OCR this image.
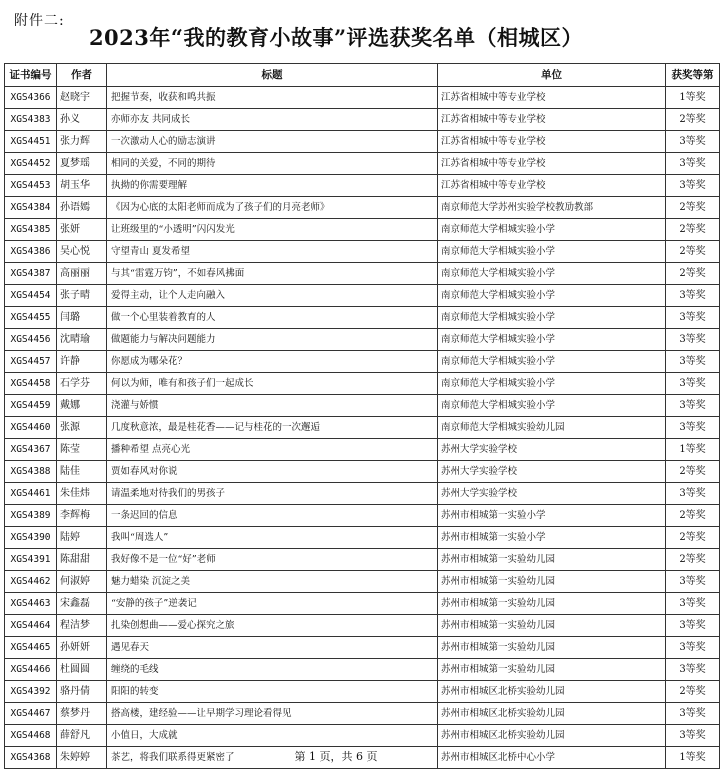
附件二:
2023年“我的教育小故事”评选获奖名单（相城区）
证书编号	作者	标题	单位	获奖等第
XGS4366	赵晓宇	把握节奏，收获和鸣共振	江苏省相城中等专业学校	1等奖
XGS4383	孙义	亦师亦友 共同成长	江苏省相城中等专业学校	2等奖
XGS4451	张力辉	一次激动人心的励志演讲	江苏省相城中等专业学校	3等奖
XGS4452	夏梦瑶	相同的关爱，不同的期待	江苏省相城中等专业学校	3等奖
XGS4453	胡玉华	执拗的你需要理解	江苏省相城中等专业学校	3等奖
XGS4384	孙语嫣	《因为心底的太阳老师而成为了孩子们的月亮老师》	南京师范大学苏州实验学校教劢教部	2等奖
XGS4385	张妍	让班级里的“小透明”闪闪发光	南京师范大学相城实验小学	2等奖
XGS4386	吴心悦	守望青山 夏发希望	南京师范大学相城实验小学	2等奖
XGS4387	高丽丽	与其“雷霆万钧”，不如春风拂面	南京师范大学相城实验小学	2等奖
XGS4454	张子晴	爱得主动，让个人走向融入	南京师范大学相城实验小学	3等奖
XGS4455	闫璐	做一个心里装着教育的人	南京师范大学相城实验小学	3等奖
XGS4456	沈晴瑜	做题能力与解决问题能力	南京师范大学相城实验小学	3等奖
XGS4457	许静	你愿成为哪朵花？	南京师范大学相城实验小学	3等奖
XGS4458	石学芬	何以为师，唯有和孩子们一起成长	南京师范大学相城实验小学	3等奖
XGS4459	戴娜	浇灌与娇惯	南京师范大学相城实验小学	3等奖
XGS4460	张源	几度秋意浓，最是桂花香——记与桂花的一次邂逅	南京师范大学相城实验幼儿园	3等奖
XGS4367	陈莹	播种希望 点亮心光	苏州大学实验学校	1等奖
XGS4388	陆佳	贾如春风对你说	苏州大学实验学校	2等奖
XGS4461	朱佳炜	请温柔地对待我们的男孩子	苏州大学实验学校	3等奖
XGS4389	李辉梅	一条迟回的信息	苏州市相城第一实验小学	2等奖
XGS4390	陆婷	我叫“周选人”	苏州市相城第一实验小学	2等奖
XGS4391	陈甜甜	我好像不是一位“好”老师	苏州市相城第一实验幼儿园	2等奖
XGS4462	何淑婷	魅力蜡染 沉淀之美	苏州市相城第一实验幼儿园	3等奖
XGS4463	宋鑫磊	“安静的孩子”逆袭记	苏州市相城第一实验幼儿园	3等奖
XGS4464	程洁梦	扎染创想曲——爱心探究之旅	苏州市相城第一实验幼儿园	3等奖
XGS4465	孙妍妍	遇见春天	苏州市相城第一实验幼儿园	3等奖
XGS4466	杜圆圆	缠绕的毛线	苏州市相城第一实验幼儿园	3等奖
XGS4392	骆丹倩	阳阳的转变	苏州市相城区北桥实验幼儿园	2等奖
XGS4467	蔡梦丹	搭高楼，建经验——让早期学习理论看得见	苏州市相城区北桥实验幼儿园	3等奖
XGS4468	薛舒凡	小值日，大成就	苏州市相城区北桥实验幼儿园	3等奖
XGS4368	朱婷婷	茶艺，将我们联系得更紧密了	苏州市相城区北桥中心小学	1等奖
第 1 页，共 6 页
